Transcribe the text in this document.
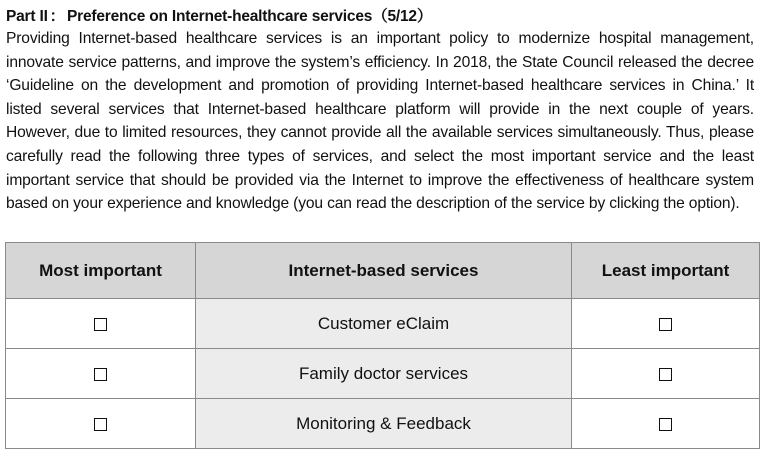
Part II ： Preference on Internet-healthcare services（5/12）
Providing Internet-based healthcare services is an important policy to modernize hospital management, innovate service patterns, and improve the system’s efficiency. In 2018, the State Council released the decree ‘Guideline on the development and promotion of providing Internet-based healthcare services in China.’ It listed several services that Internet-based healthcare platform will provide in the next couple of years. However, due to limited resources, they cannot provide all the available services simultaneously. Thus, please carefully read the following three types of services, and select the most important service and the least important service that should be provided via the Internet to improve the effectiveness of healthcare system based on your experience and knowledge (you can read the description of the service by clicking the option).
Most important	Internet-based services	Least important
	Customer eClaim	
	Family doctor services	
	Monitoring & Feedback	
